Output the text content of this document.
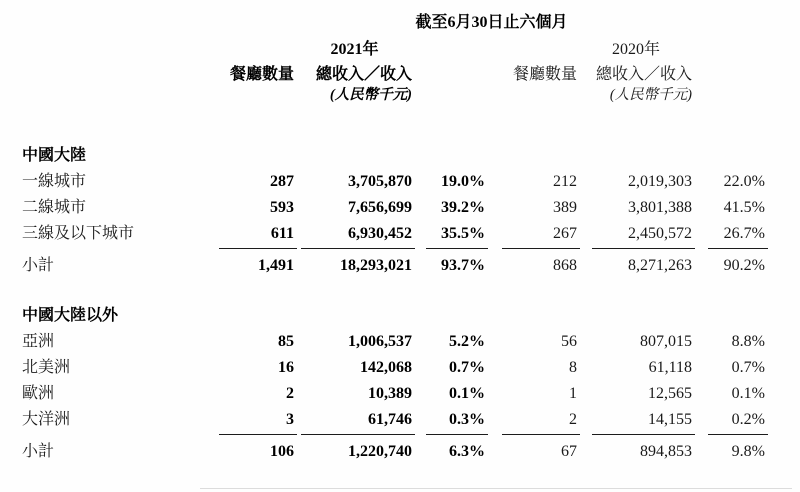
截至6月30日止六個月
2021年	2020年
餐廳數量	總收入／收入	餐廳數量	總收入／收入
(人民幣千元)	(人民幣千元)
中國大陸
一線城市	287	3,705,870	19.0%	212	2,019,303	22.0%
二線城市	593	7,656,699	39.2%	389	3,801,388	41.5%
三線及以下城市	611	6,930,452	35.5%	267	2,450,572	26.7%
小計	1,491	18,293,021	93.7%	868	8,271,263	90.2%
中國大陸以外
亞洲	85	1,006,537	5.2%	56	807,015	8.8%
北美洲	16	142,068	0.7%	8	61,118	0.7%
歐洲	2	10,389	0.1%	1	12,565	0.1%
大洋洲	3	61,746	0.3%	2	14,155	0.2%
小計	106	1,220,740	6.3%	67	894,853	9.8%
